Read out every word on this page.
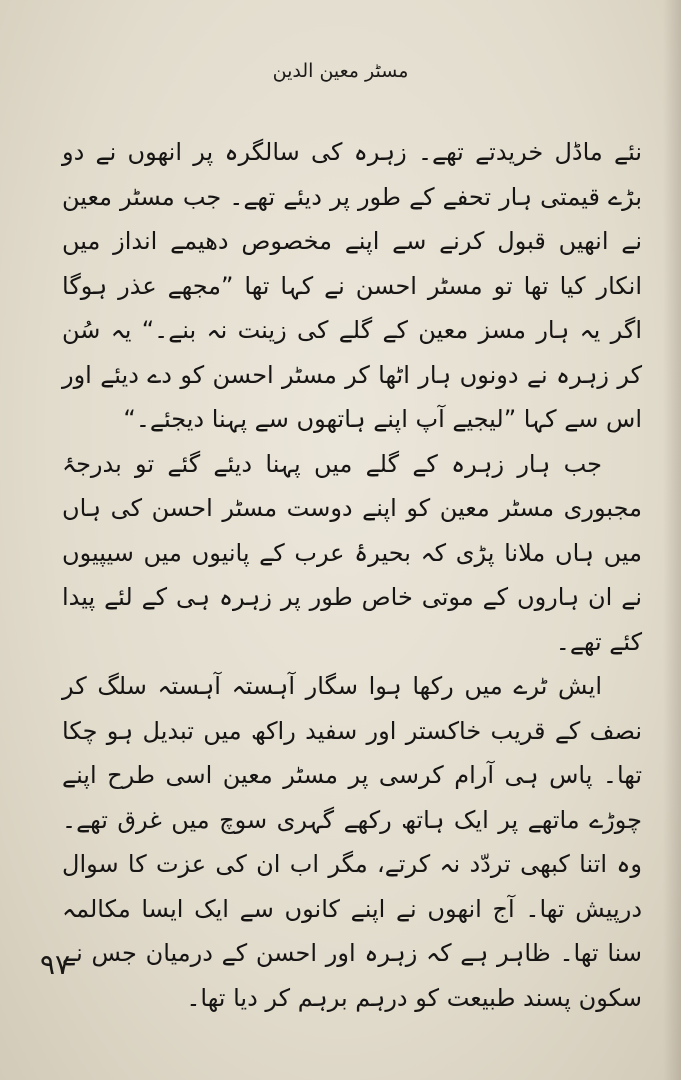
مسٹر معین الدین

نئے ماڈل خریدتے تھے۔ زہرہ کی سالگرہ پر انھوں نے دو بڑے قیمتی ہار تحفے کے طور پر دیئے تھے۔ جب مسٹر معین نے انھیں قبول کرنے سے اپنے مخصوص دھیمے انداز میں انکار کیا تھا تو مسٹر احسن نے کہا تھا ”مجھے عذر ہوگا اگر یہ ہار مسز معین کے گلے کی زینت نہ بنے۔“ یہ سُن کر زہرہ نے دونوں ہار اٹھا کر مسٹر احسن کو دے دیئے اور اس سے کہا ”لیجیے آپ اپنے ہاتھوں سے پہنا دیجئے۔“

جب ہار زہرہ کے گلے میں پہنا دیئے گئے تو بدرجۂ مجبوری مسٹر معین کو اپنے دوست مسٹر احسن کی ہاں میں ہاں ملانا پڑی کہ بحیرۂ عرب کے پانیوں میں سیپیوں نے ان ہاروں کے موتی خاص طور پر زہرہ ہی کے لئے پیدا کئے تھے۔

ایش ٹرے میں رکھا ہوا سگار آہستہ آہستہ سلگ کر نصف کے قریب خاکستر اور سفید راکھ میں تبدیل ہو چکا تھا۔ پاس ہی آرام کرسی پر مسٹر معین اسی طرح اپنے چوڑے ماتھے پر ایک ہاتھ رکھے گہری سوچ میں غرق تھے۔ وہ اتنا کبھی تردّد نہ کرتے، مگر اب ان کی عزت کا سوال درپیش تھا۔ آج انھوں نے اپنے کانوں سے ایک ایسا مکالمہ سنا تھا۔ ظاہر ہے کہ زہرہ اور احسن کے درمیان جس نے سکون پسند طبیعت کو درہم برہم کر دیا تھا۔

۹۷
